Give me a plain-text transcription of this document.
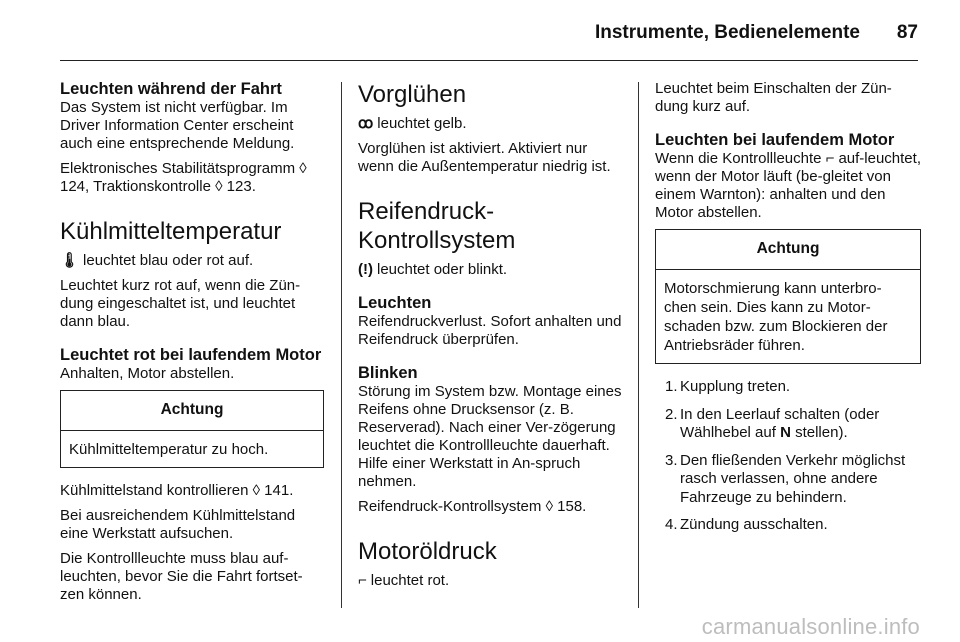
Instrumente, Bedienelemente 87
Leuchten während der Fahrt

Das System ist nicht verfügbar. Im Driver Information Center erscheint auch eine entsprechende Meldung.

Elektronisches Stabilitätsprogramm ◊ 124, Traktionskontrolle ◊ 123.

Kühlmitteltemperatur

🌡 leuchtet blau oder rot auf.

Leuchtet kurz rot auf, wenn die Zün-dung eingeschaltet ist, und leuchtet dann blau.

Leuchtet rot bei laufendem Motor

Anhalten, Motor abstellen.

Achtung
Kühlmitteltemperatur zu hoch.

Kühlmittelstand kontrollieren ◊ 141.

Bei ausreichendem Kühlmittelstand eine Werkstatt aufsuchen.

Die Kontrollleuchte muss blau auf-leuchten, bevor Sie die Fahrt fortset-zen können.

Vorglühen

ꝏ leuchtet gelb.

Vorglühen ist aktiviert. Aktiviert nur wenn die Außentemperatur niedrig ist.

Reifendruck-Kontrollsystem

(!) leuchtet oder blinkt.

Leuchten

Reifendruckverlust. Sofort anhalten und Reifendruck überprüfen.

Blinken

Störung im System bzw. Montage eines Reifens ohne Drucksensor (z. B. Reserverad). Nach einer Ver-zögerung leuchtet die Kontrollleuchte dauerhaft. Hilfe einer Werkstatt in An-spruch nehmen.

Reifendruck-Kontrollsystem ◊ 158.

Motoröldruck

⌐ leuchtet rot.

Leuchtet beim Einschalten der Zün-dung kurz auf.

Leuchten bei laufendem Motor

Wenn die Kontrollleuchte ⌐ auf-leuchtet, wenn der Motor läuft (be-gleitet von einem Warnton): anhalten und den Motor abstellen.

Achtung
Motorschmierung kann unterbro-chen sein. Dies kann zu Motor-schaden bzw. zum Blockieren der Antriebsräder führen.
1. Kupplung treten.
2. In den Leerlauf schalten (oder Wählhebel auf N stellen).
3. Den fließenden Verkehr möglichst rasch verlassen, ohne andere Fahrzeuge zu behindern.
4. Zündung ausschalten.
carmanualsonline.info
